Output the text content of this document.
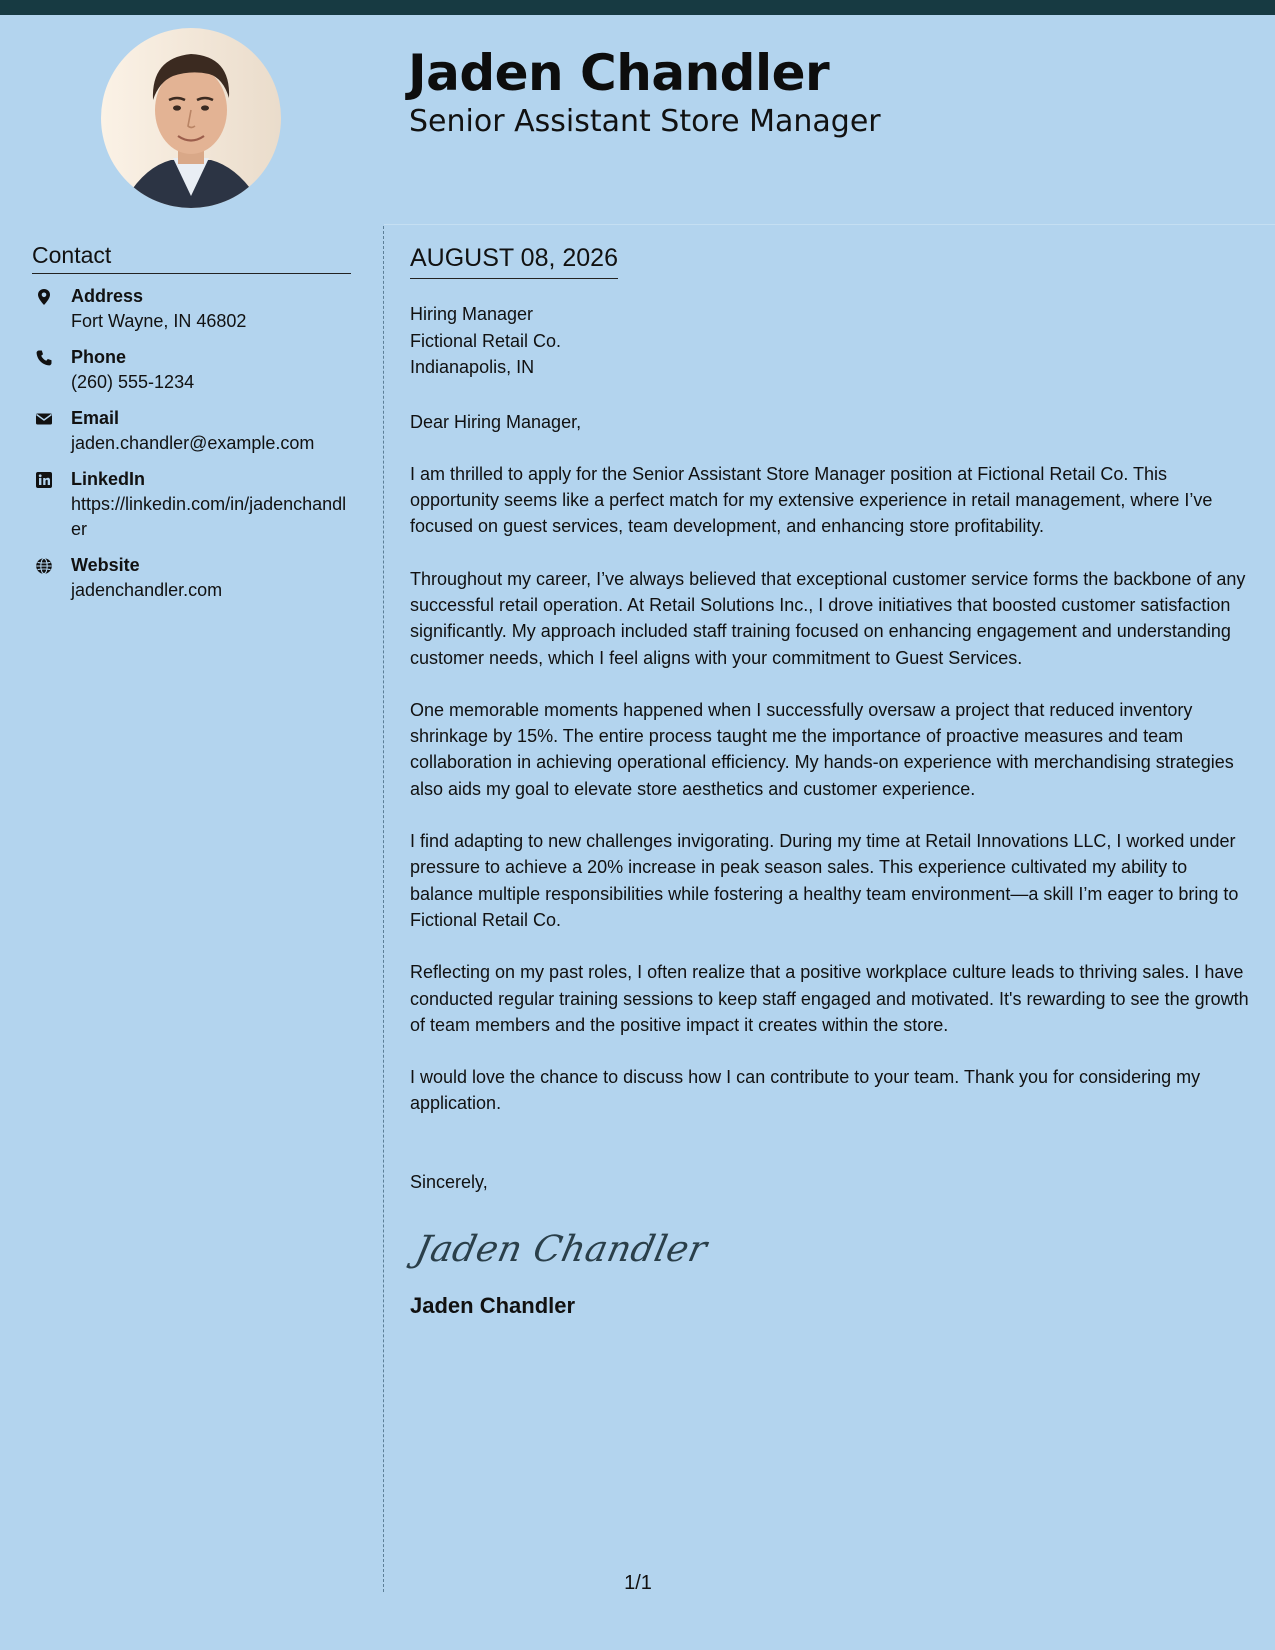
Jaden Chandler
Senior Assistant Store Manager
Contact
Address
Fort Wayne, IN 46802
Phone
(260) 555-1234
Email
jaden.chandler@example.com
LinkedIn
https://linkedin.com/in/jadenchandler
Website
jadenchandler.com
AUGUST 08, 2026
Hiring Manager
Fictional Retail Co.
Indianapolis, IN
Dear Hiring Manager,
I am thrilled to apply for the Senior Assistant Store Manager position at Fictional Retail Co. This opportunity seems like a perfect match for my extensive experience in retail management, where I’ve focused on guest services, team development, and enhancing store profitability.
Throughout my career, I’ve always believed that exceptional customer service forms the backbone of any successful retail operation. At Retail Solutions Inc., I drove initiatives that boosted customer satisfaction significantly. My approach included staff training focused on enhancing engagement and understanding customer needs, which I feel aligns with your commitment to Guest Services.
One memorable moments happened when I successfully oversaw a project that reduced inventory shrinkage by 15%. The entire process taught me the importance of proactive measures and team collaboration in achieving operational efficiency. My hands-on experience with merchandising strategies also aids my goal to elevate store aesthetics and customer experience.
I find adapting to new challenges invigorating. During my time at Retail Innovations LLC, I worked under pressure to achieve a 20% increase in peak season sales. This experience cultivated my ability to balance multiple responsibilities while fostering a healthy team environment—a skill I’m eager to bring to Fictional Retail Co.
Reflecting on my past roles, I often realize that a positive workplace culture leads to thriving sales. I have conducted regular training sessions to keep staff engaged and motivated. It's rewarding to see the growth of team members and the positive impact it creates within the store.
I would love the chance to discuss how I can contribute to your team. Thank you for considering my application.
Sincerely,
Jaden Chandler
Jaden Chandler
1/1
